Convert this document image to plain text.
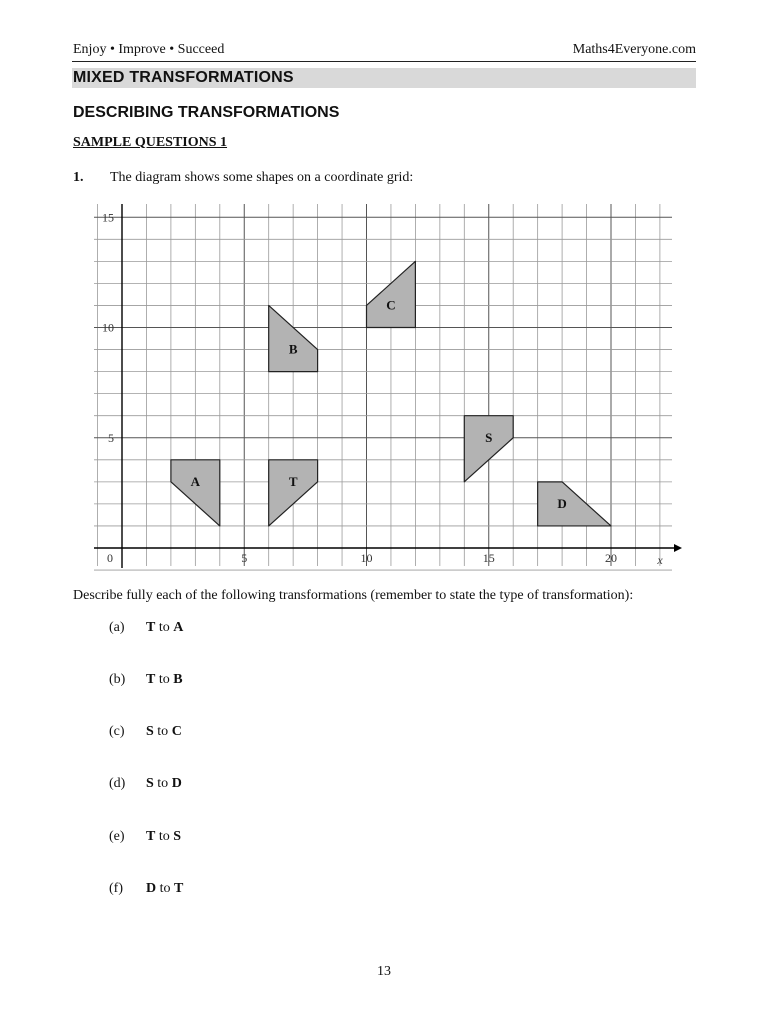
Enjoy • Improve • Succeed	Maths4Everyone.com
MIXED TRANSFORMATIONS
DESCRIBING TRANSFORMATIONS
SAMPLE QUESTIONS 1
1. The diagram shows some shapes on a coordinate grid:
0	5	10	15	20
5
10
15
x
A	T
B
C
S
D
Describe fully each of the following transformations (remember to state the type of transformation):
(a) T to A
(b) T to B
(c) S to C
(d) S to D
(e) T to S
(f) D to T
13
